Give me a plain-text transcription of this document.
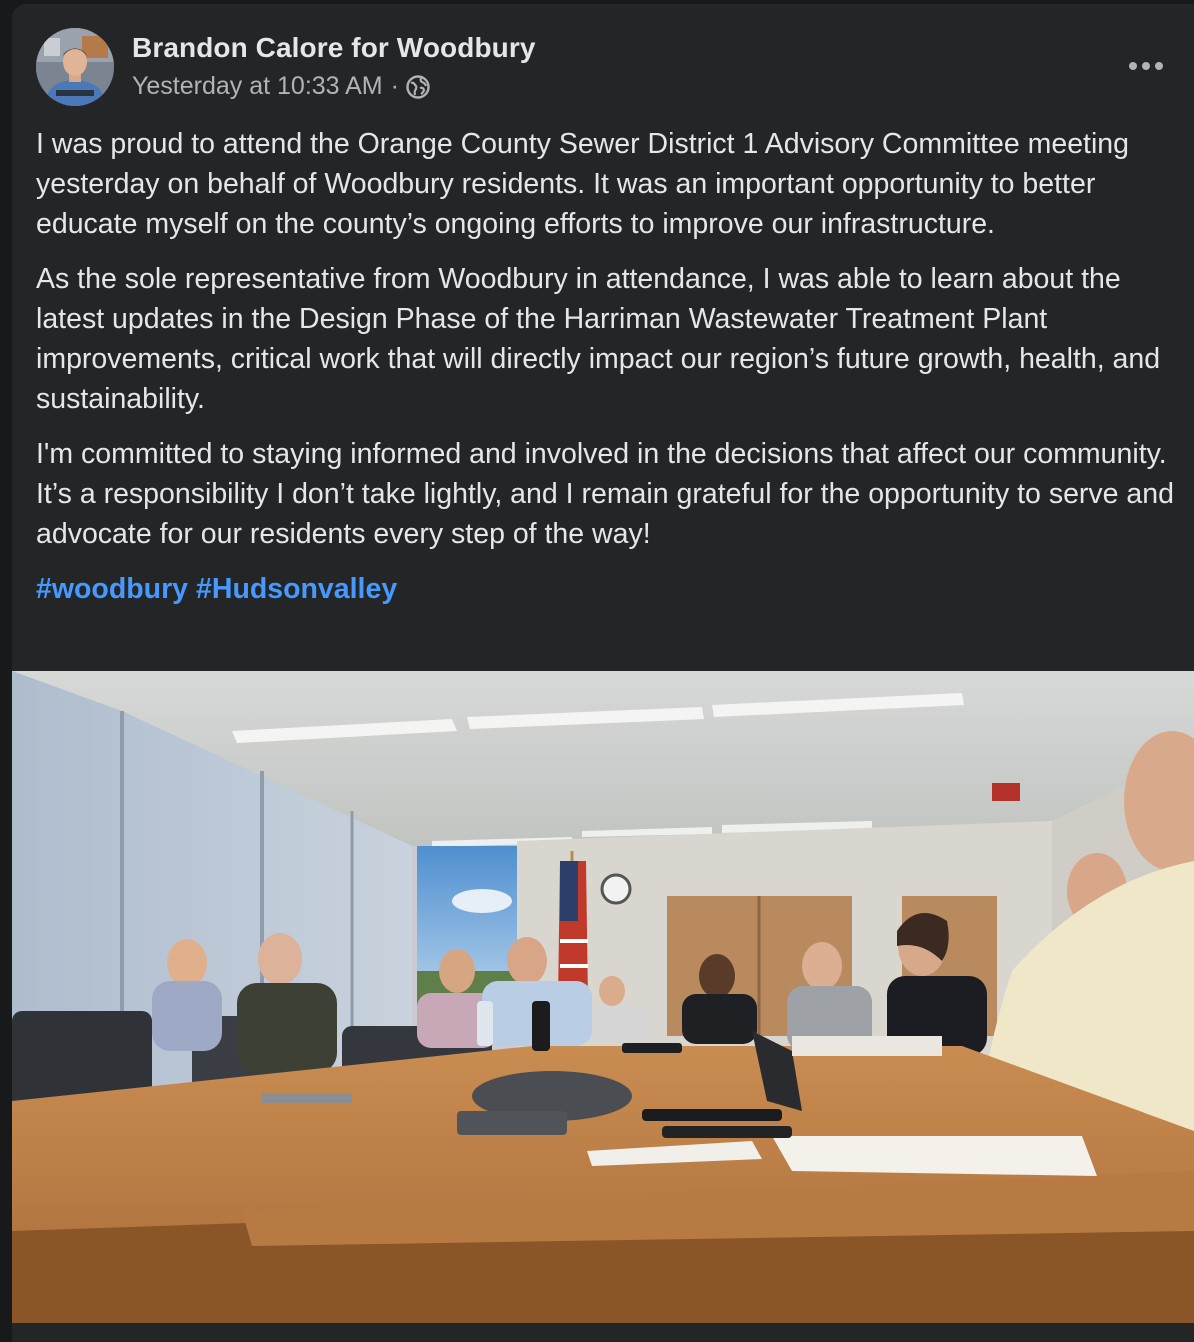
Brandon Calore for Woodbury
Yesterday at 10:33 AM ·

I was proud to attend the Orange County Sewer District 1 Advisory Committee meeting yesterday on behalf of Woodbury residents. It was an important opportunity to better educate myself on the county’s ongoing efforts to improve our infrastructure.

As the sole representative from Woodbury in attendance, I was able to learn about the latest updates in the Design Phase of the Harriman Wastewater Treatment Plant improvements, critical work that will directly impact our region’s future growth, health, and sustainability.

I'm committed to staying informed and involved in the decisions that affect our community. It’s a responsibility I don’t take lightly, and I remain grateful for the opportunity to serve and advocate for our residents every step of the way!

#woodbury #Hudsonvalley
